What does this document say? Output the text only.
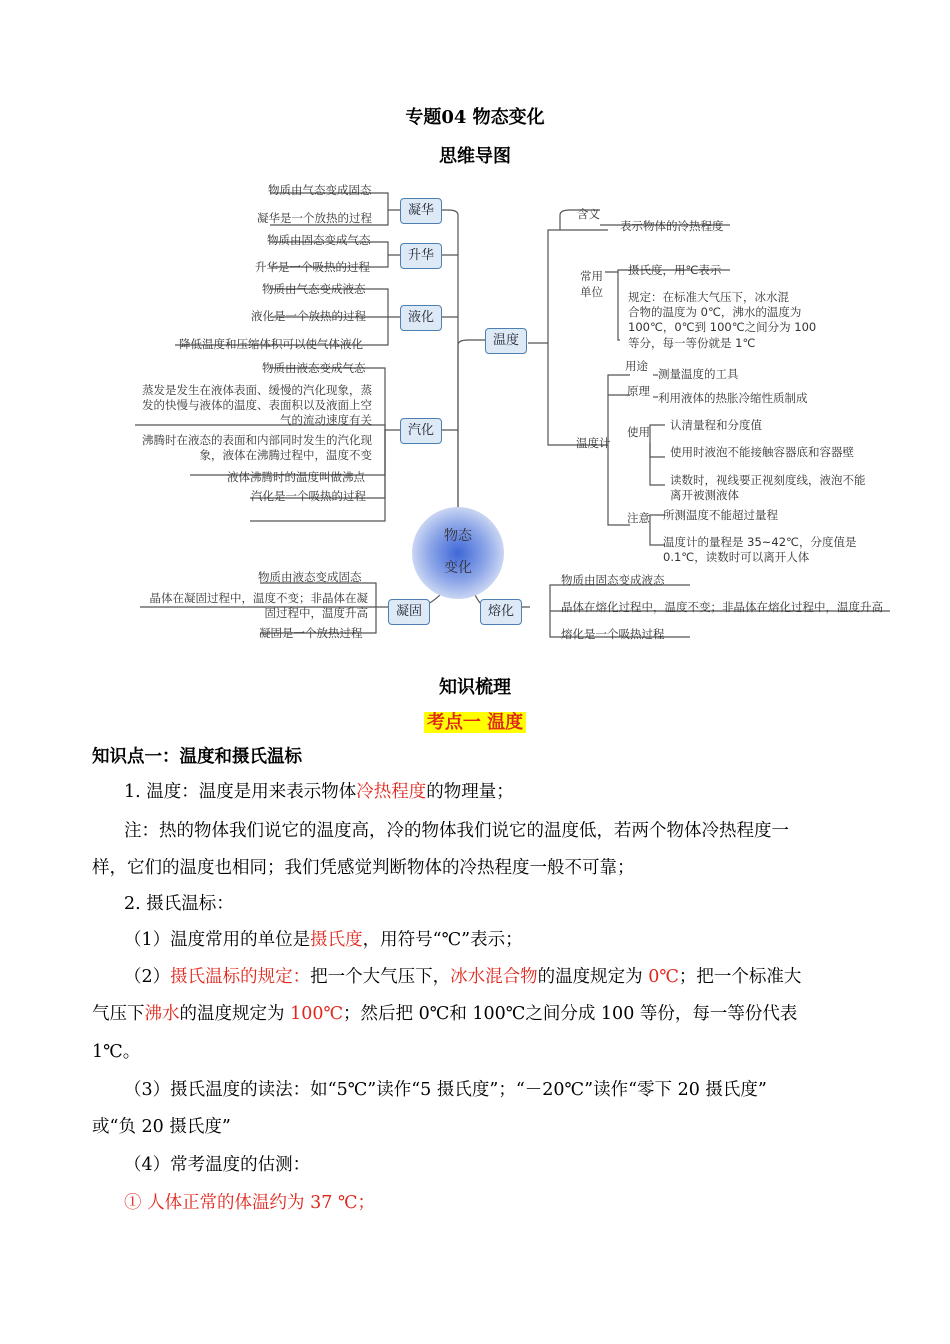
专题04 物态变化
思维导图
凝华
升华
液化
汽化
凝固
温度
熔化
物质由气态变成固态
凝华是一个放热的过程
物质由固态变成气态
升华是一个吸热的过程
物质由气态变成液态
液化是一个放热的过程
降低温度和压缩体积可以使气体液化
物质由液态变成气态
蒸发是发生在液体表面、缓慢的汽化现象，蒸
发的快慢与液体的温度、表面积以及液面上空
气的流动速度有关
沸腾时在液态的表面和内部同时发生的汽化现
象，液体在沸腾过程中，温度不变
液体沸腾时的温度叫做沸点
汽化是一个吸热的过程
物质由液态变成固态
晶体在凝固过程中，温度不变；非晶体在凝
固过程中，温度升高
凝固是一个放热过程
含义
表示物体的冷热程度
常用
单位
摄氏度，用℃表示
规定：在标准大气压下，冰水混
合物的温度为 0℃，沸水的温度为
100℃，0℃到 100℃之间分为 100
等分，每一等份就是 1℃
用途
测量温度的工具
原理 利用液体的热胀冷缩性质制成
温度计
使用 认清量程和分度值
使用时液泡不能接触容器底和容器壁
读数时，视线要正视刻度线，液泡不能
离开被测液体
注意 所测温度不能超过量程
温度计的量程是 35~42℃，分度值是
0.1℃，读数时可以离开人体
物质由固态变成液态
晶体在熔化过程中，温度不变；非晶体在熔化过程中，温度升高
熔化是一个吸热过程
物态
变化
知识梳理
考点一 温度
知识点一：温度和摄氏温标
1. 温度：温度是用来表示物体冷热程度的物理量；
注：热的物体我们说它的温度高，冷的物体我们说它的温度低，若两个物体冷热程度一
样，它们的温度也相同；我们凭感觉判断物体的冷热程度一般不可靠；
2. 摄氏温标：
（1）温度常用的单位是摄氏度，用符号“℃”表示；
（2）摄氏温标的规定：把一个大气压下，冰水混合物的温度规定为 0℃；把一个标准大
气压下沸水的温度规定为 100℃；然后把 0℃和 100℃之间分成 100 等份，每一等份代表
1℃。
（3）摄氏温度的读法：如“5℃”读作“5 摄氏度”；“－20℃”读作“零下 20 摄氏度”
或“负 20 摄氏度”
（4）常考温度的估测：
① 人体正常的体温约为 37 ℃；
